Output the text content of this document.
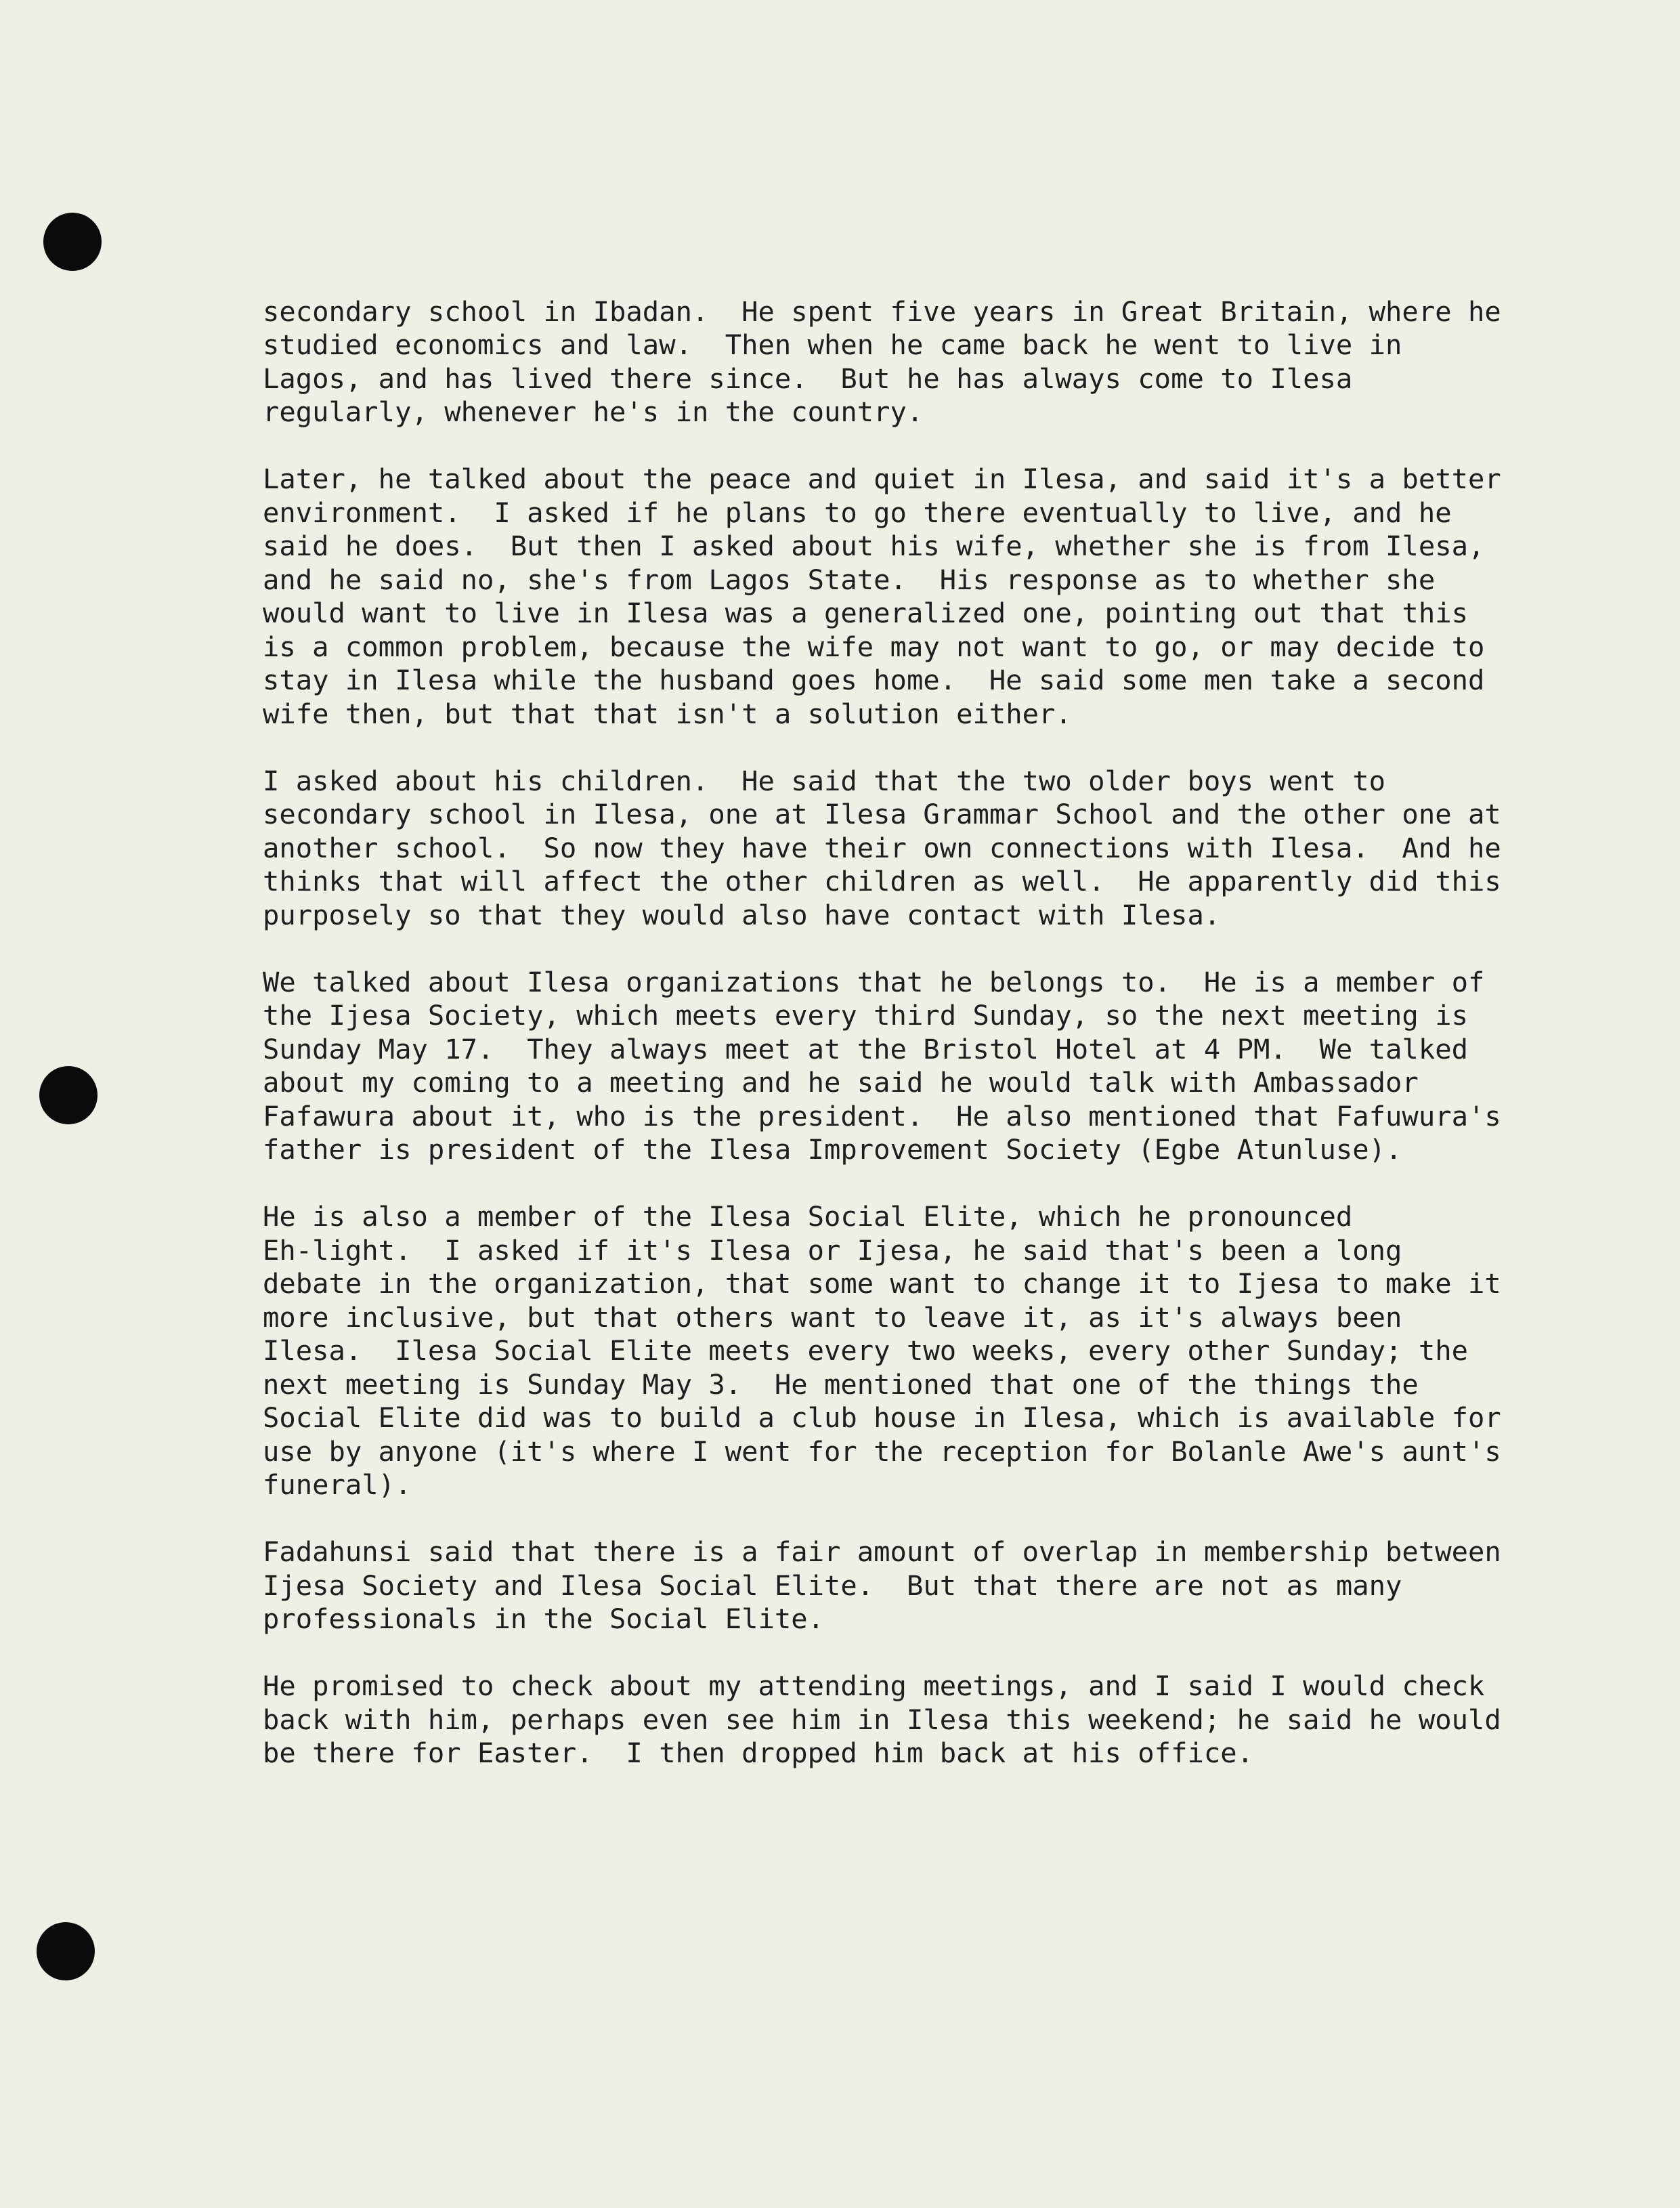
secondary school in Ibadan.  He spent five years in Great Britain, where he
studied economics and law.  Then when he came back he went to live in
Lagos, and has lived there since.  But he has always come to Ilesa
regularly, whenever he's in the country.

Later, he talked about the peace and quiet in Ilesa, and said it's a better
environment.  I asked if he plans to go there eventually to live, and he
said he does.  But then I asked about his wife, whether she is from Ilesa,
and he said no, she's from Lagos State.  His response as to whether she
would want to live in Ilesa was a generalized one, pointing out that this
is a common problem, because the wife may not want to go, or may decide to
stay in Ilesa while the husband goes home.  He said some men take a second
wife then, but that that isn't a solution either.

I asked about his children.  He said that the two older boys went to
secondary school in Ilesa, one at Ilesa Grammar School and the other one at
another school.  So now they have their own connections with Ilesa.  And he
thinks that will affect the other children as well.  He apparently did this
purposely so that they would also have contact with Ilesa.

We talked about Ilesa organizations that he belongs to.  He is a member of
the Ijesa Society, which meets every third Sunday, so the next meeting is
Sunday May 17.  They always meet at the Bristol Hotel at 4 PM.  We talked
about my coming to a meeting and he said he would talk with Ambassador
Fafawura about it, who is the president.  He also mentioned that Fafuwura's
father is president of the Ilesa Improvement Society (Egbe Atunluse).

He is also a member of the Ilesa Social Elite, which he pronounced
Eh-light.  I asked if it's Ilesa or Ijesa, he said that's been a long
debate in the organization, that some want to change it to Ijesa to make it
more inclusive, but that others want to leave it, as it's always been
Ilesa.  Ilesa Social Elite meets every two weeks, every other Sunday; the
next meeting is Sunday May 3.  He mentioned that one of the things the
Social Elite did was to build a club house in Ilesa, which is available for
use by anyone (it's where I went for the reception for Bolanle Awe's aunt's
funeral).

Fadahunsi said that there is a fair amount of overlap in membership between
Ijesa Society and Ilesa Social Elite.  But that there are not as many
professionals in the Social Elite.

He promised to check about my attending meetings, and I said I would check
back with him, perhaps even see him in Ilesa this weekend; he said he would
be there for Easter.  I then dropped him back at his office.
